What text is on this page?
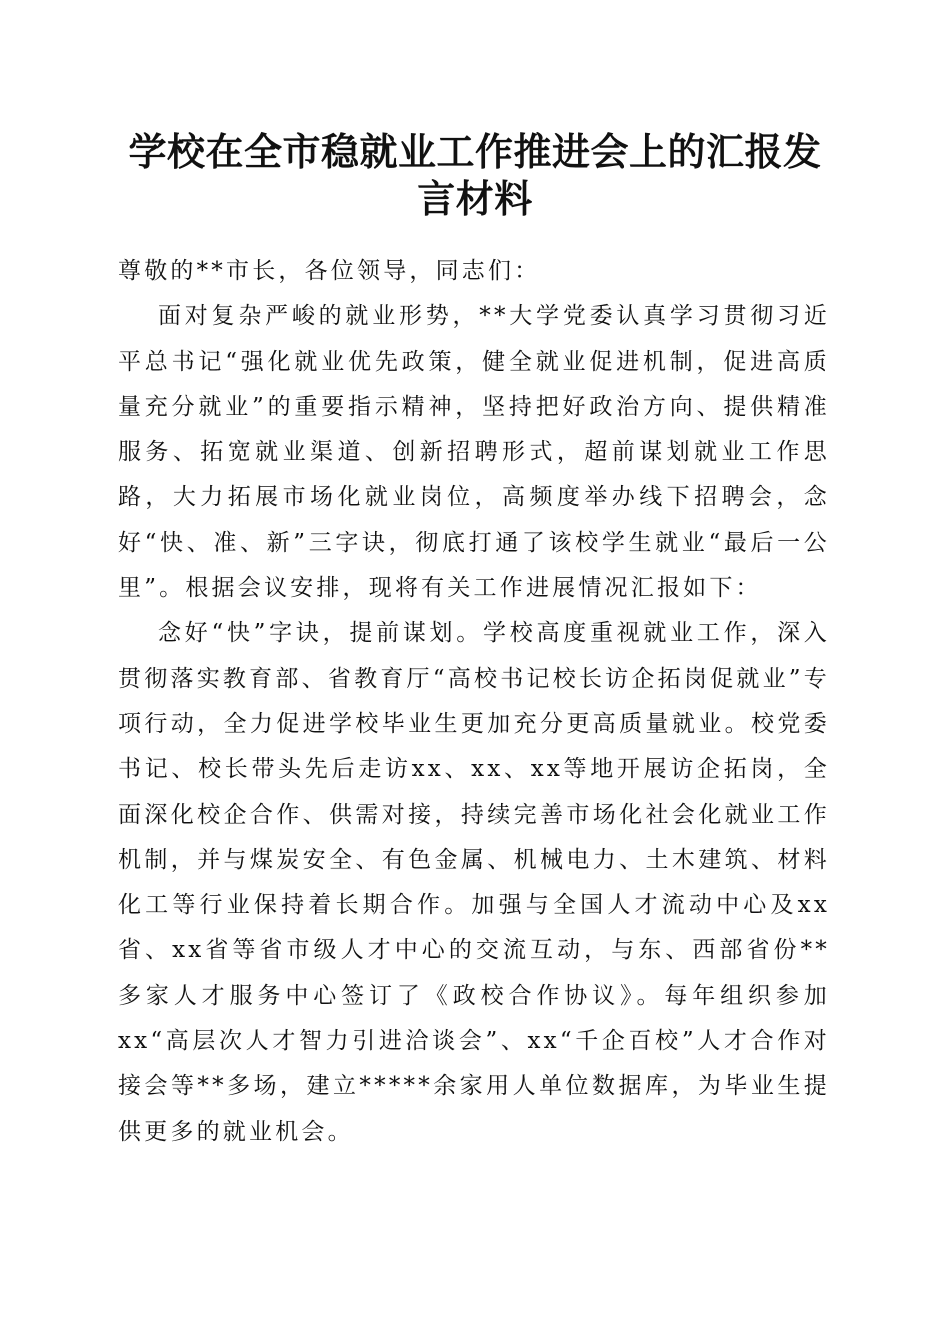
学校在全市稳就业工作推进会上的汇报发言材料

尊敬的**市长，各位领导，同志们：

面对复杂严峻的就业形势，**大学党委认真学习贯彻习近平总书记“强化就业优先政策，健全就业促进机制，促进高质量充分就业”的重要指示精神，坚持把好政治方向、提供精准服务、拓宽就业渠道、创新招聘形式，超前谋划就业工作思路，大力拓展市场化就业岗位，高频度举办线下招聘会，念好“快、准、新”三字诀，彻底打通了该校学生就业“最后一公里”。根据会议安排，现将有关工作进展情况汇报如下：

念好“快”字诀，提前谋划。学校高度重视就业工作，深入贯彻落实教育部、省教育厅“高校书记校长访企拓岗促就业”专项行动，全力促进学校毕业生更加充分更高质量就业。校党委书记、校长带头先后走访xx、xx、xx等地开展访企拓岗，全面深化校企合作、供需对接，持续完善市场化社会化就业工作机制，并与煤炭安全、有色金属、机械电力、土木建筑、材料化工等行业保持着长期合作。加强与全国人才流动中心及xx省、xx省等省市级人才中心的交流互动，与东、西部省份**多家人才服务中心签订了《政校合作协议》。每年组织参加xx“高层次人才智力引进洽谈会”、xx“千企百校”人才合作对接会等**多场，建立*****余家用人单位数据库，为毕业生提供更多的就业机会。
